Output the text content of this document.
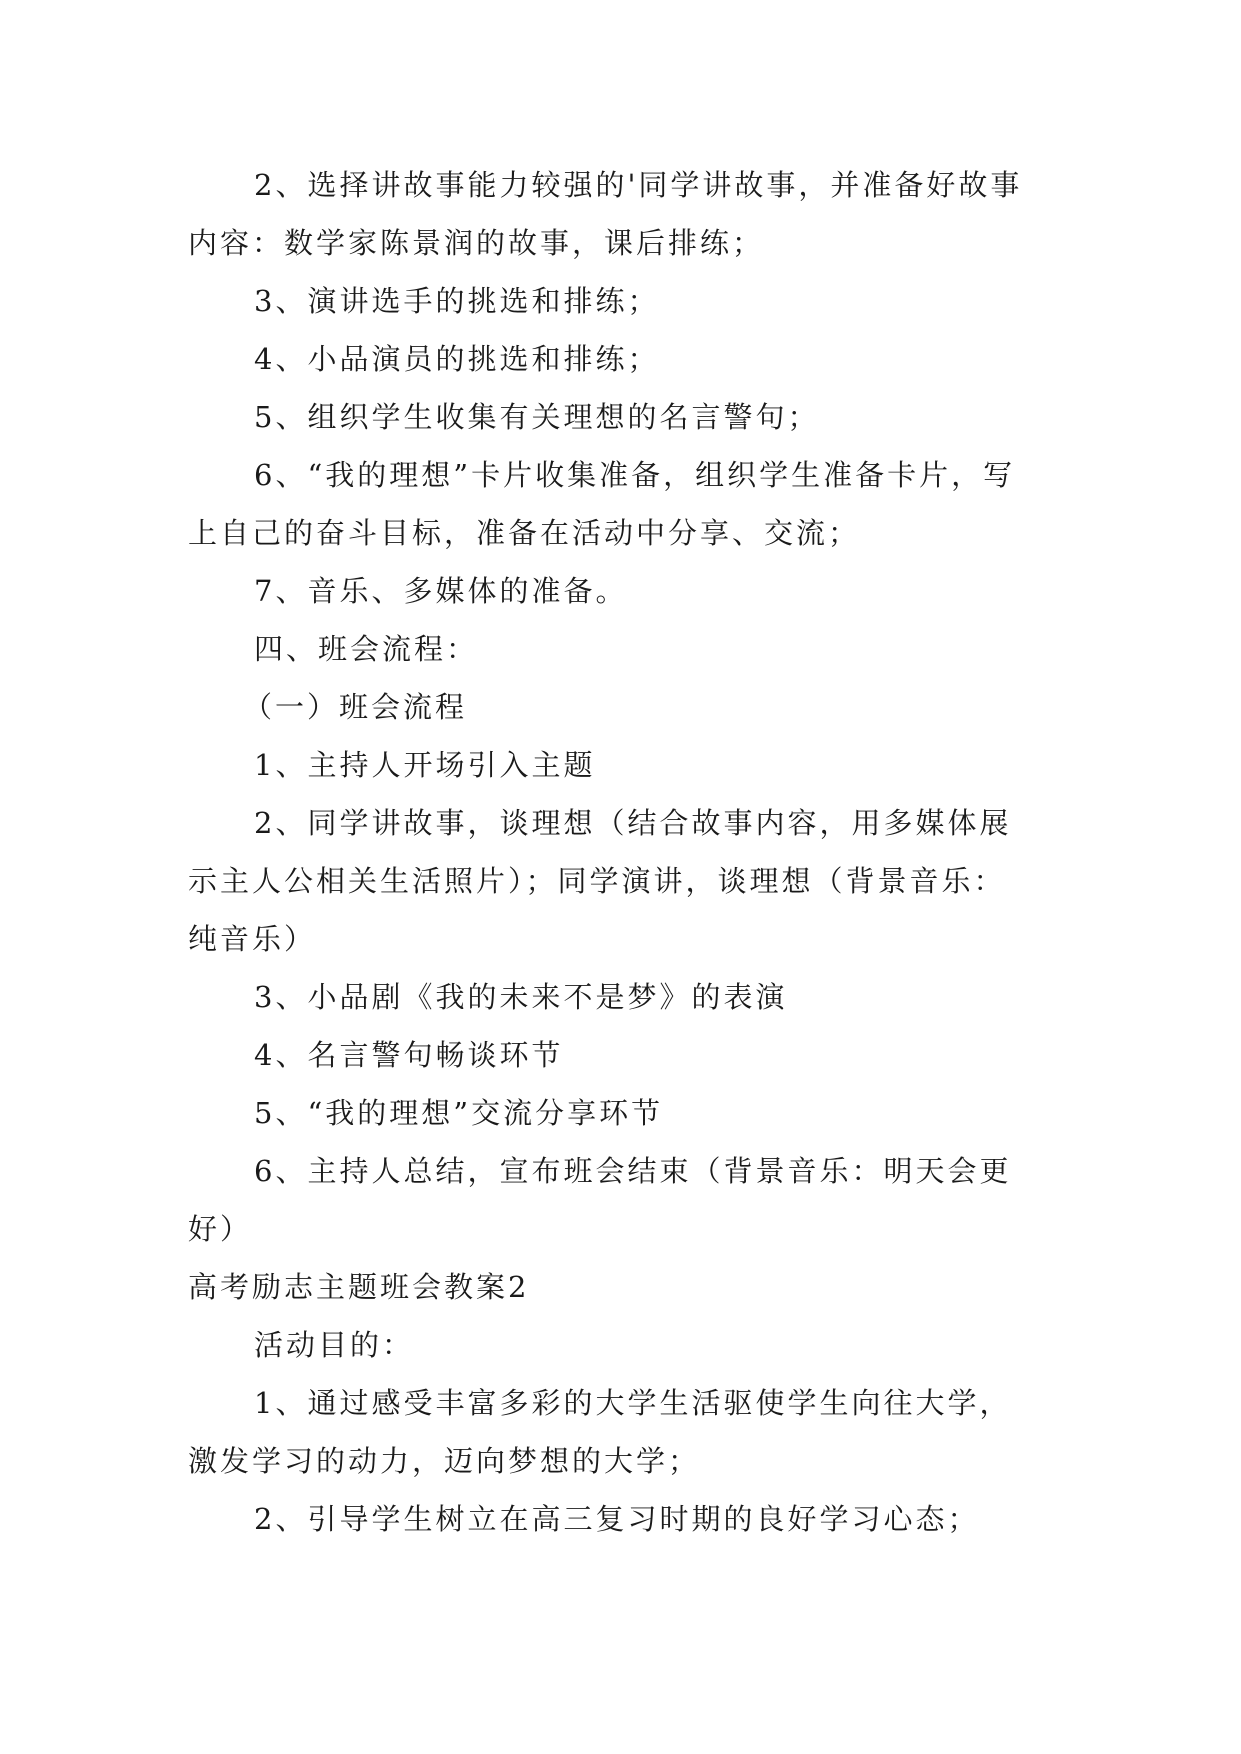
2、选择讲故事能力较强的'同学讲故事，并准备好故事
内容：数学家陈景润的故事，课后排练；
3、演讲选手的挑选和排练；
4、小品演员的挑选和排练；
5、组织学生收集有关理想的名言警句；
6、“我的理想”卡片收集准备，组织学生准备卡片，写
上自己的奋斗目标，准备在活动中分享、交流；
7、音乐、多媒体的准备。
四、班会流程：
（一）班会流程
1、主持人开场引入主题
2、同学讲故事，谈理想（结合故事内容，用多媒体展
示主人公相关生活照片）；同学演讲，谈理想（背景音乐：
纯音乐）
3、小品剧《我的未来不是梦》的表演
4、名言警句畅谈环节
5、“我的理想”交流分享环节
6、主持人总结，宣布班会结束（背景音乐：明天会更
好）
高考励志主题班会教案2
活动目的：
1、通过感受丰富多彩的大学生活驱使学生向往大学，
激发学习的动力，迈向梦想的大学；
2、引导学生树立在高三复习时期的良好学习心态；
